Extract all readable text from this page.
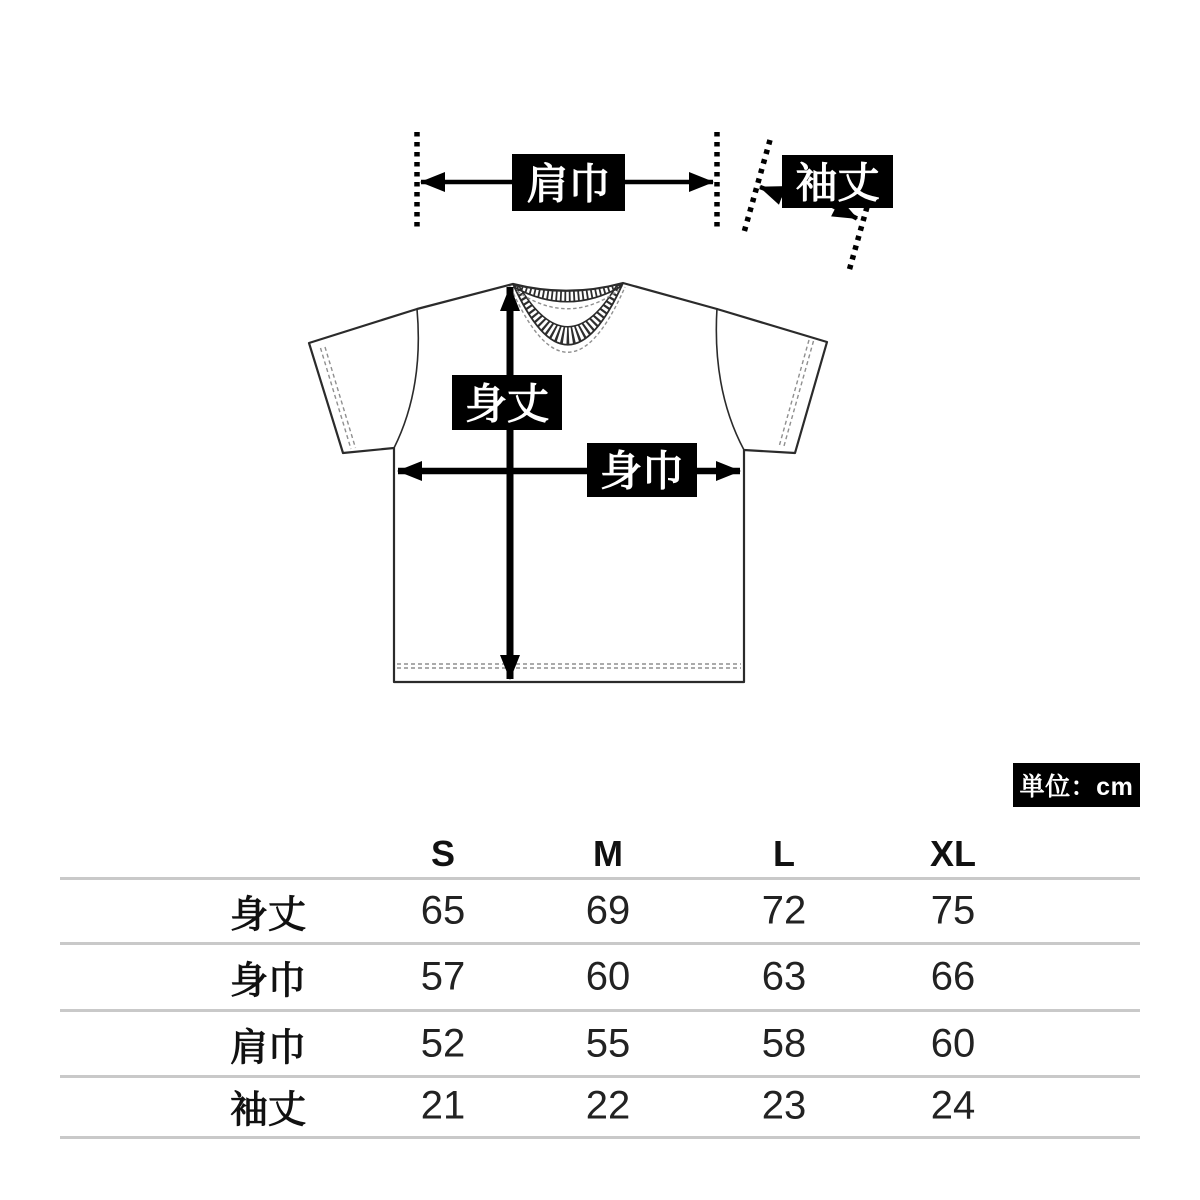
肩巾	袖丈
身丈
身巾
単位：cm
S	M	L	XL
身丈	65	69	72	75
身巾	57	60	63	66
肩巾	52	55	58	60
袖丈	21	22	23	24
